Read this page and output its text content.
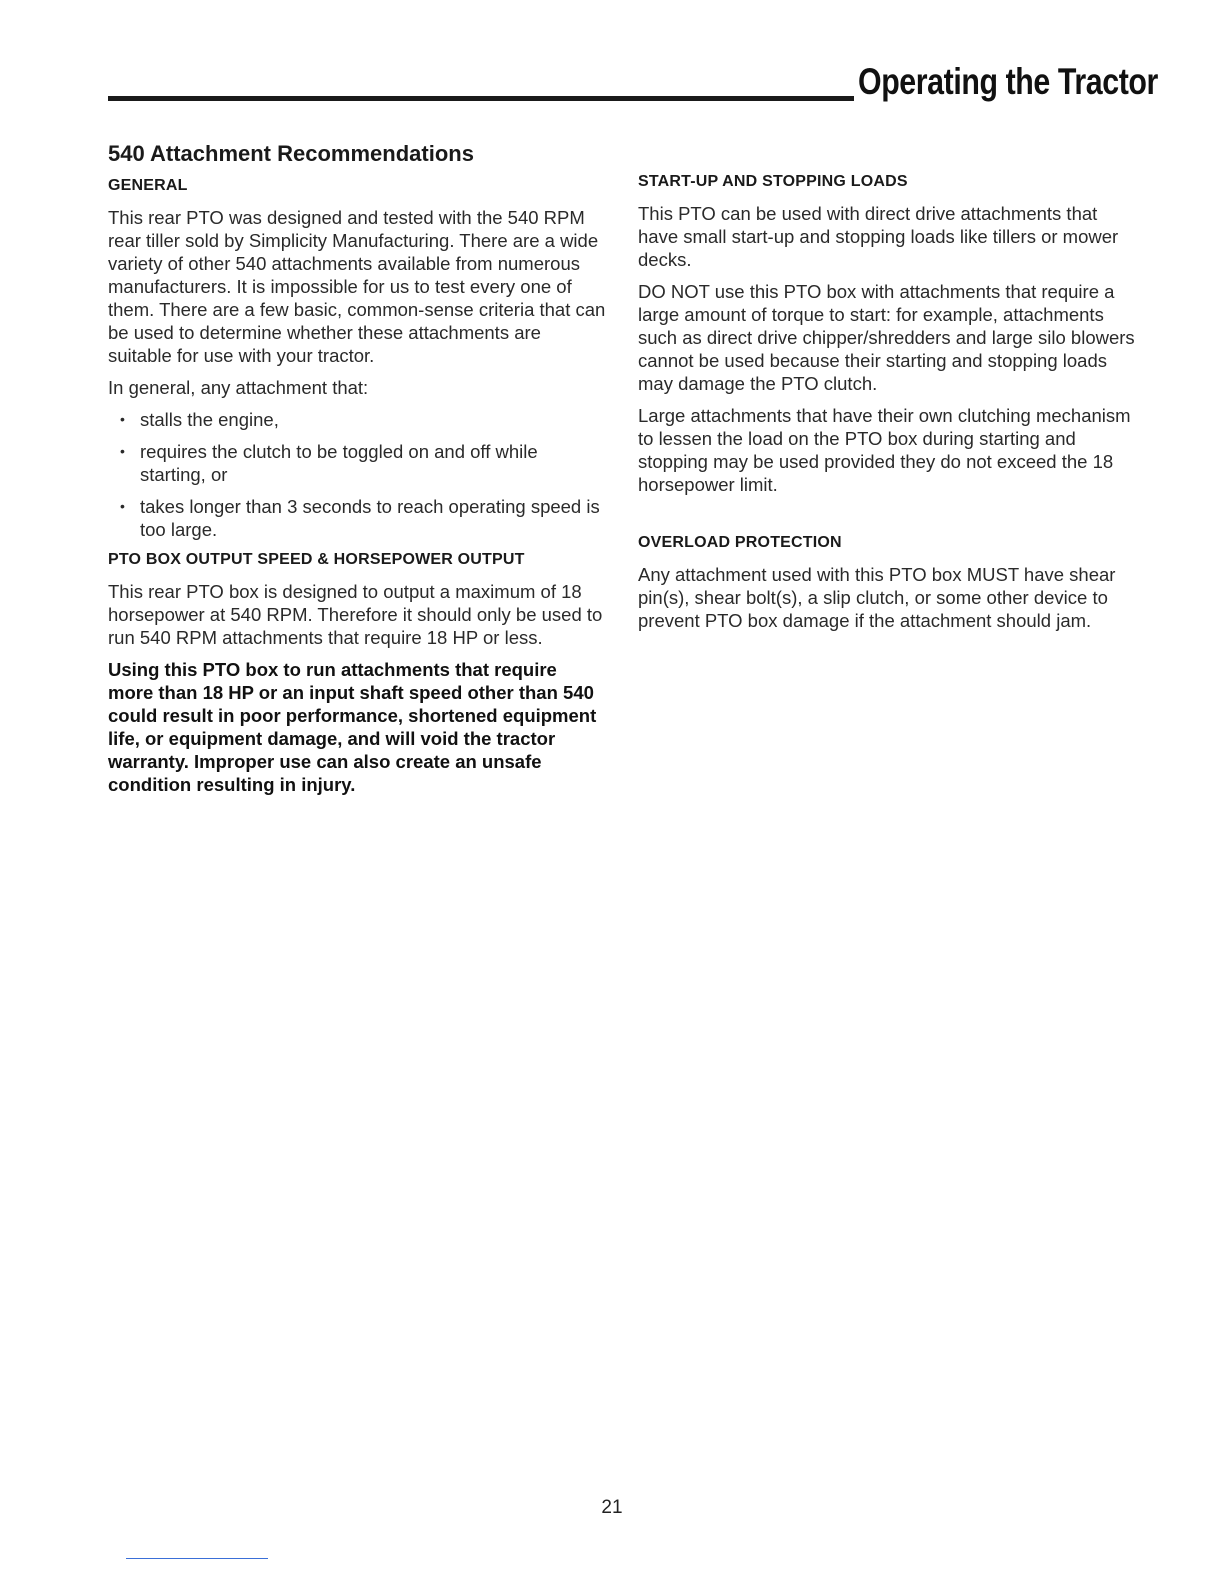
Operating the Tractor
540 Attachment Recommendations
GENERAL

This rear PTO was designed and tested with the 540 RPM rear tiller sold by Simplicity Manufacturing. There are a wide variety of other 540 attachments available from numerous manufacturers. It is impossible for us to test every one of them. There are a few basic, common-sense criteria that can be used to determine whether these attachments are suitable for use with your tractor.

In general, any attachment that:

• stalls the engine,
• requires the clutch to be toggled on and off while starting, or
• takes longer than 3 seconds to reach operating speed is too large.
PTO BOX OUTPUT SPEED & HORSEPOWER OUTPUT

This rear PTO box is designed to output a maximum of 18 horsepower at 540 RPM. Therefore it should only be used to run 540 RPM attachments that require 18 HP or less.

Using this PTO box to run attachments that require more than 18 HP or an input shaft speed other than 540 could result in poor performance, shortened equipment life, or equipment damage, and will void the tractor warranty. Improper use can also create an unsafe condition resulting in injury.

START-UP AND STOPPING LOADS

This PTO can be used with direct drive attachments that have small start-up and stopping loads like tillers or mower decks.

DO NOT use this PTO box with attachments that require a large amount of torque to start: for example, attachments such as direct drive chipper/shredders and large silo blowers cannot be used because their starting and stopping loads may damage the PTO clutch.

Large attachments that have their own clutching mechanism to lessen the load on the PTO box during starting and stopping may be used provided they do not exceed the 18 horsepower limit.

OVERLOAD PROTECTION

Any attachment used with this PTO box MUST have shear pin(s), shear bolt(s), a slip clutch, or some other device to prevent PTO box damage if the attachment should jam.

21
